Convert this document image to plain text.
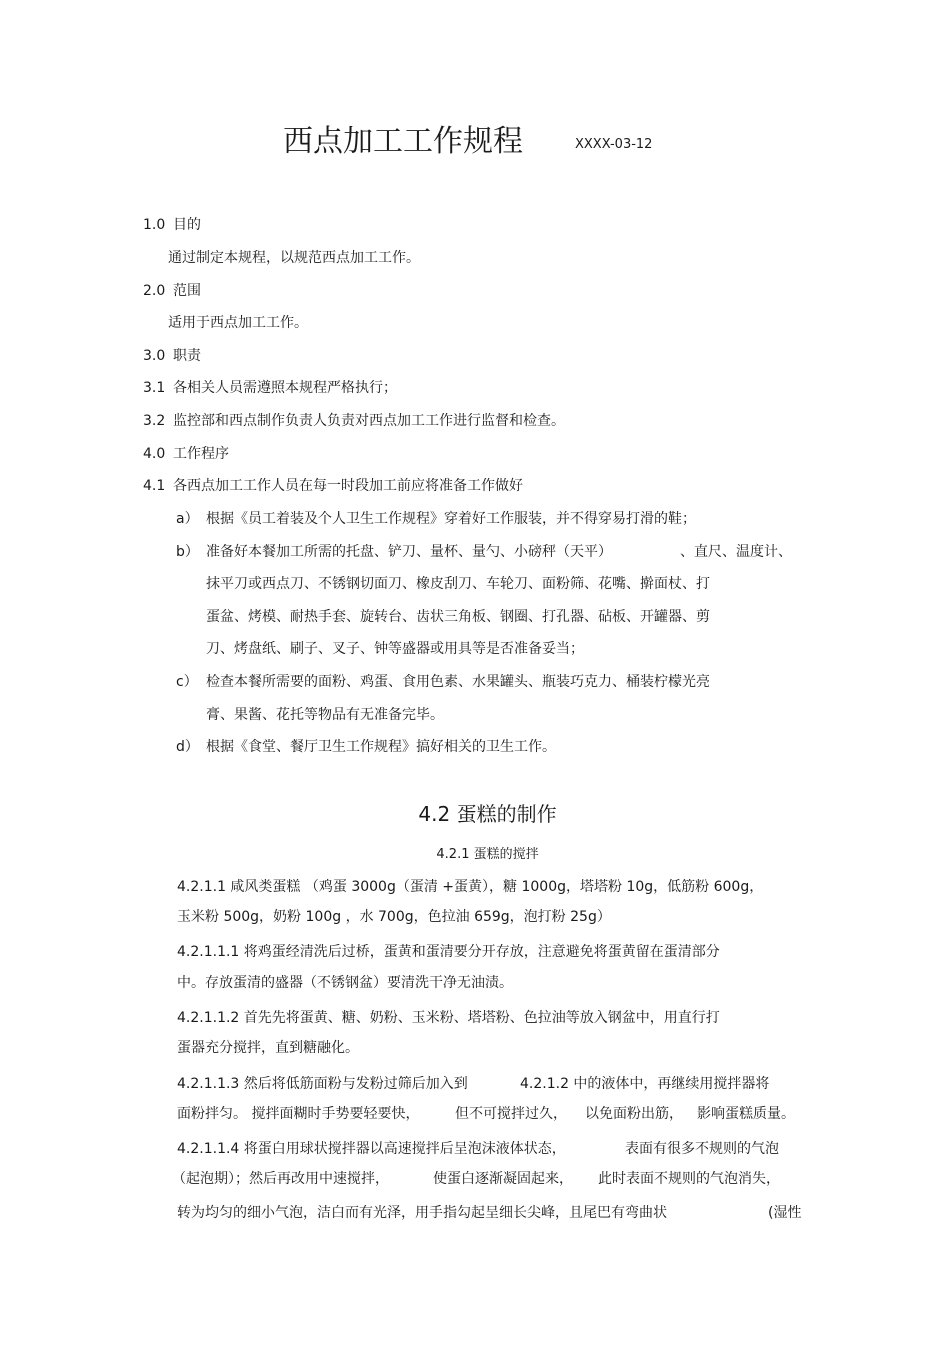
西点加工工作规程	XXXX-03-12
1.0 目的
通过制定本规程，以规范西点加工工作。
2.0 范围
适用于西点加工工作。
3.0 职责
3.1 各相关人员需遵照本规程严格执行；
3.2 监控部和西点制作负责人负责对西点加工工作进行监督和检查。
4.0 工作程序
4.1 各西点加工工作人员在每一时段加工前应将准备工作做好
a） 根据《员工着装及个人卫生工作规程》穿着好工作服装，并不得穿易打滑的鞋；
b） 准备好本餐加工所需的托盘、铲刀、量杯、量勺、小磅秤（天平）	、直尺、温度计、
抹平刀或西点刀、不锈钢切面刀、橡皮刮刀、车轮刀、面粉筛、花嘴、擀面杖、打
蛋盆、烤模、耐热手套、旋转台、齿状三角板、钢圈、打孔器、砧板、开罐器、剪
刀、烤盘纸、刷子、叉子、钟等盛器或用具等是否准备妥当；
c） 检查本餐所需要的面粉、鸡蛋、食用色素、水果罐头、瓶装巧克力、桶装柠檬光亮
膏、果酱、花托等物品有无准备完毕。
d） 根据《食堂、餐厅卫生工作规程》搞好相关的卫生工作。
4.2 蛋糕的制作
4.2.1 蛋糕的搅拌
4.2.1.1 咸风类蛋糕 （鸡蛋 3000g（蛋清 +蛋黄），糖 1000g，塔塔粉 10g，低筋粉 600g，
玉米粉 500g，奶粉 100g ，水 700g，色拉油 659g，泡打粉 25g）
4.2.1.1.1 将鸡蛋经清洗后过桥，蛋黄和蛋清要分开存放，注意避免将蛋黄留在蛋清部分
中。存放蛋清的盛器（不锈钢盆）要清洗干净无油渍。
4.2.1.1.2 首先先将蛋黄、糖、奶粉、玉米粉、塔塔粉、色拉油等放入钢盆中，用直行打
蛋器充分搅拌，直到糖融化。
4.2.1.1.3 然后将低筋面粉与发粉过筛后加入到	4.2.1.2 中的液体中，再继续用搅拌器将
面粉拌匀。 搅拌面糊时手势要轻要快，	但不可搅拌过久， 以免面粉出筋， 影响蛋糕质量。
4.2.1.1.4 将蛋白用球状搅拌器以高速搅拌后呈泡沫液体状态，	表面有很多不规则的气泡
（起泡期）；然后再改用中速搅拌，	使蛋白逐渐凝固起来， 此时表面不规则的气泡消失，
转为均匀的细小气泡，洁白而有光泽，用手指勾起呈细长尖峰，且尾巴有弯曲状	(湿性
